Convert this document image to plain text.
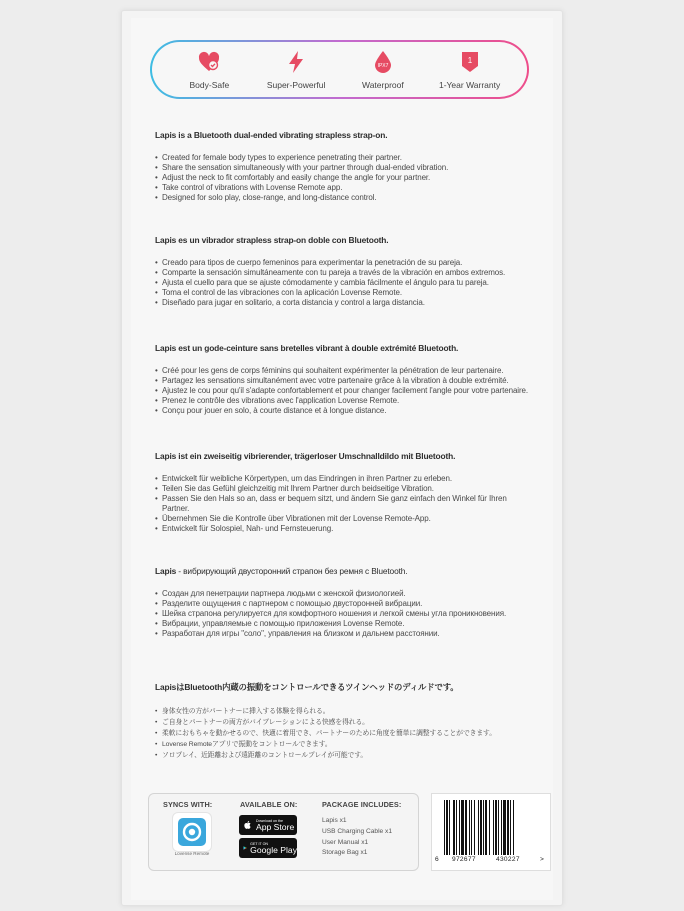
Body-Safe	Super-Powerful
IPX7
Waterproof
1
1-Year Warranty
Lapis is a Bluetooth dual-ended vibrating strapless strap-on.
• Created for female body types to experience penetrating their partner.
• Share the sensation simultaneously with your partner through dual-ended vibration.
• Adjust the neck to fit comfortably and easily change the angle for your partner.
• Take control of vibrations with Lovense Remote app.
• Designed for solo play, close-range, and long-distance control.
Lapis es un vibrador strapless strap-on doble con Bluetooth.
• Creado para tipos de cuerpo femeninos para experimentar la penetración de su pareja.
• Comparte la sensación simultáneamente con tu pareja a través de la vibración en ambos extremos.
• Ajusta el cuello para que se ajuste cómodamente y cambia fácilmente el ángulo para tu pareja.
• Toma el control de las vibraciones con la aplicación Lovense Remote.
• Diseñado para jugar en solitario, a corta distancia y control a larga distancia.
Lapis est un gode-ceinture sans bretelles vibrant à double extrémité Bluetooth.
• Créé pour les gens de corps féminins qui souhaitent expérimenter la pénétration de leur partenaire.
• Partagez les sensations simultanément avec votre partenaire grâce à la vibration à double extrémité.
• Ajustez le cou pour qu'il s'adapte confortablement et pour changer facilement l'angle pour votre partenaire.
• Prenez le contrôle des vibrations avec l'application Lovense Remote.
• Conçu pour jouer en solo, à courte distance et à longue distance.
Lapis ist ein zweiseitig vibrierender, trägerloser Umschnalldildo mit Bluetooth.
• Entwickelt für weibliche Körpertypen, um das Eindringen in ihren Partner zu erleben.
• Teilen Sie das Gefühl gleichzeitig mit Ihrem Partner durch beidseitige Vibration.
• Passen Sie den Hals so an, dass er bequem sitzt, und ändern Sie ganz einfach den Winkel für Ihren Partner.
• Übernehmen Sie die Kontrolle über Vibrationen mit der Lovense Remote-App.
• Entwickelt für Solospiel, Nah- und Fernsteuerung.
Lapis - вибрирующий двусторонний страпон без ремня с Bluetooth.
• Создан для пенетрации партнера людьми с женской физиологией.
• Разделите ощущения с партнером с помощью двусторонней вибрации.
• Шейка страпона регулируется для комфортного ношения и легкой смены угла проникновения.
• Вибрации, управляемые с помощью приложения Lovense Remote.
• Разработан для игры "соло", управления на близком и дальнем расстоянии.
LapisはBluetooth内蔵の振動をコントロールできるツインヘッドのディルドです。
• 身体女性の方がパートナーに挿入する体験を得られる。
• ご自身とパートナーの両方がバイブレーションによる快感を得れる。
• 柔軟におもちゃを動かせるので、快適に着用でき、パートナーのために角度を簡単に調整することができます。
• Lovense Remoteアプリで振動をコントロールできます。
• ソロプレイ、近距離および遠距離のコントロールプレイが可能です。
SYNCS WITH:	AVAILABLE ON:	PACKAGE INCLUDES:
Lovense Remote
Download on the
App Store
GET IT ON
Google Play
Lapis x1
USB Charging Cable x1
User Manual x1
Storage Bag x1
6 972677	430227	>
